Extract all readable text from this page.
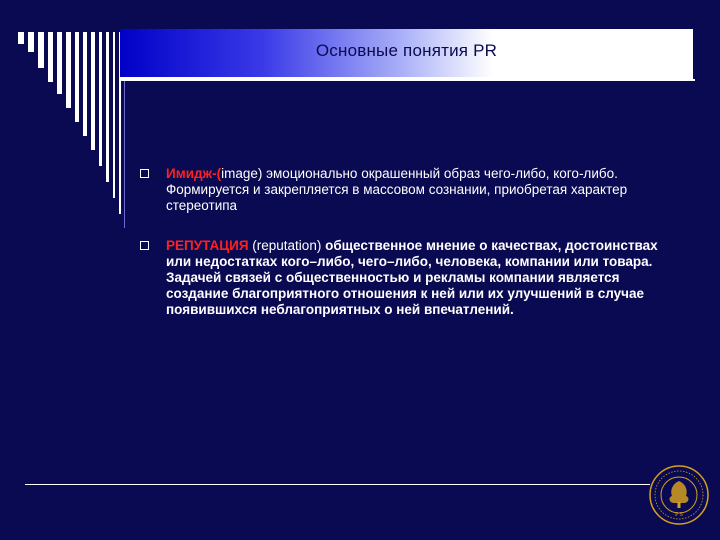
Основные понятия PR
Имидж-(image) эмоционально окрашенный образ чего-либо, кого-либо. Формируется и закрепляется в массовом сознании, приобретая характер стереотипа
РЕПУТАЦИЯ (reputation) общественное мнение о качествах, достоинствах или недостатках кого–либо, чего–либо, человека, компании или товара. Задачей связей с общественностью и рекламы компании является создание благоприятного отношения к ней или их улучшений в случае появившихся неблагоприятных о ней впечатлений.
P S
